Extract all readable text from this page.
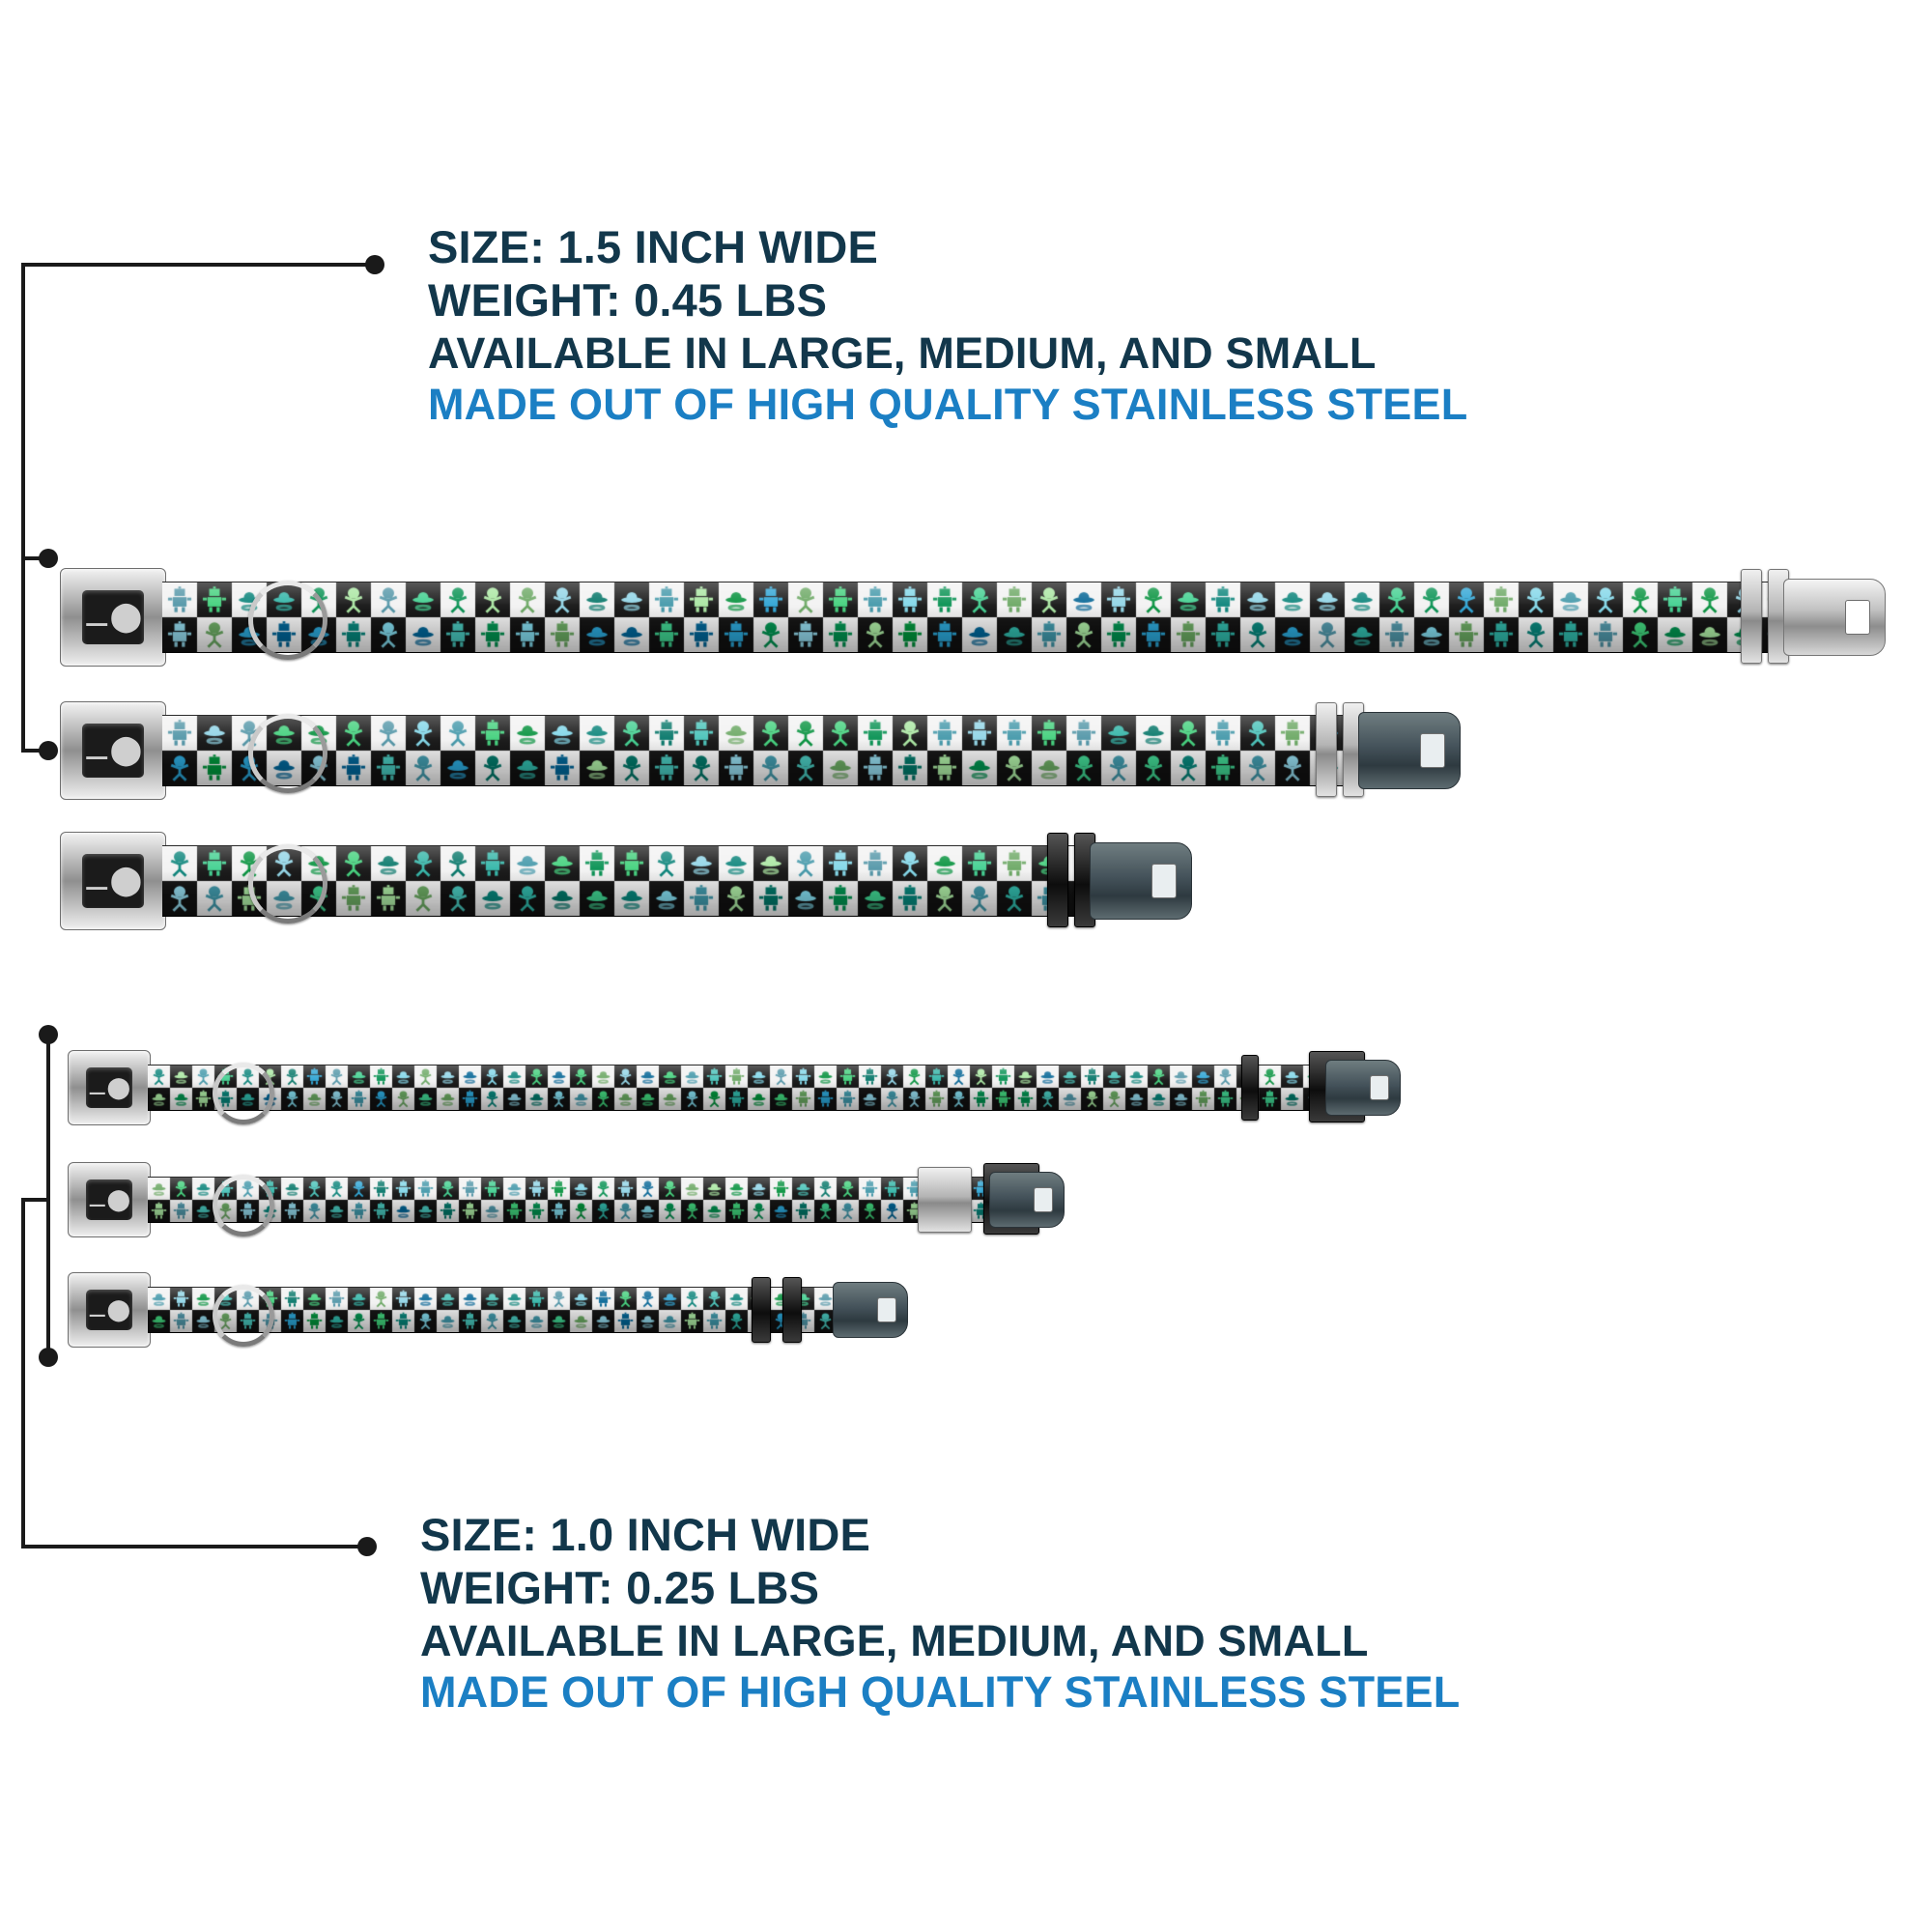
SIZE: 1.5 INCH WIDE
WEIGHT: 0.45 LBS
AVAILABLE IN LARGE, MEDIUM, AND SMALL
MADE OUT OF HIGH QUALITY STAINLESS STEEL
SIZE: 1.0 INCH WIDE
WEIGHT: 0.25 LBS
AVAILABLE IN LARGE, MEDIUM, AND SMALL
MADE OUT OF HIGH QUALITY STAINLESS STEEL
⚊⬤
⚊⬤
⚊⬤
⚊⬤
⚊⬤
⚊⬤
